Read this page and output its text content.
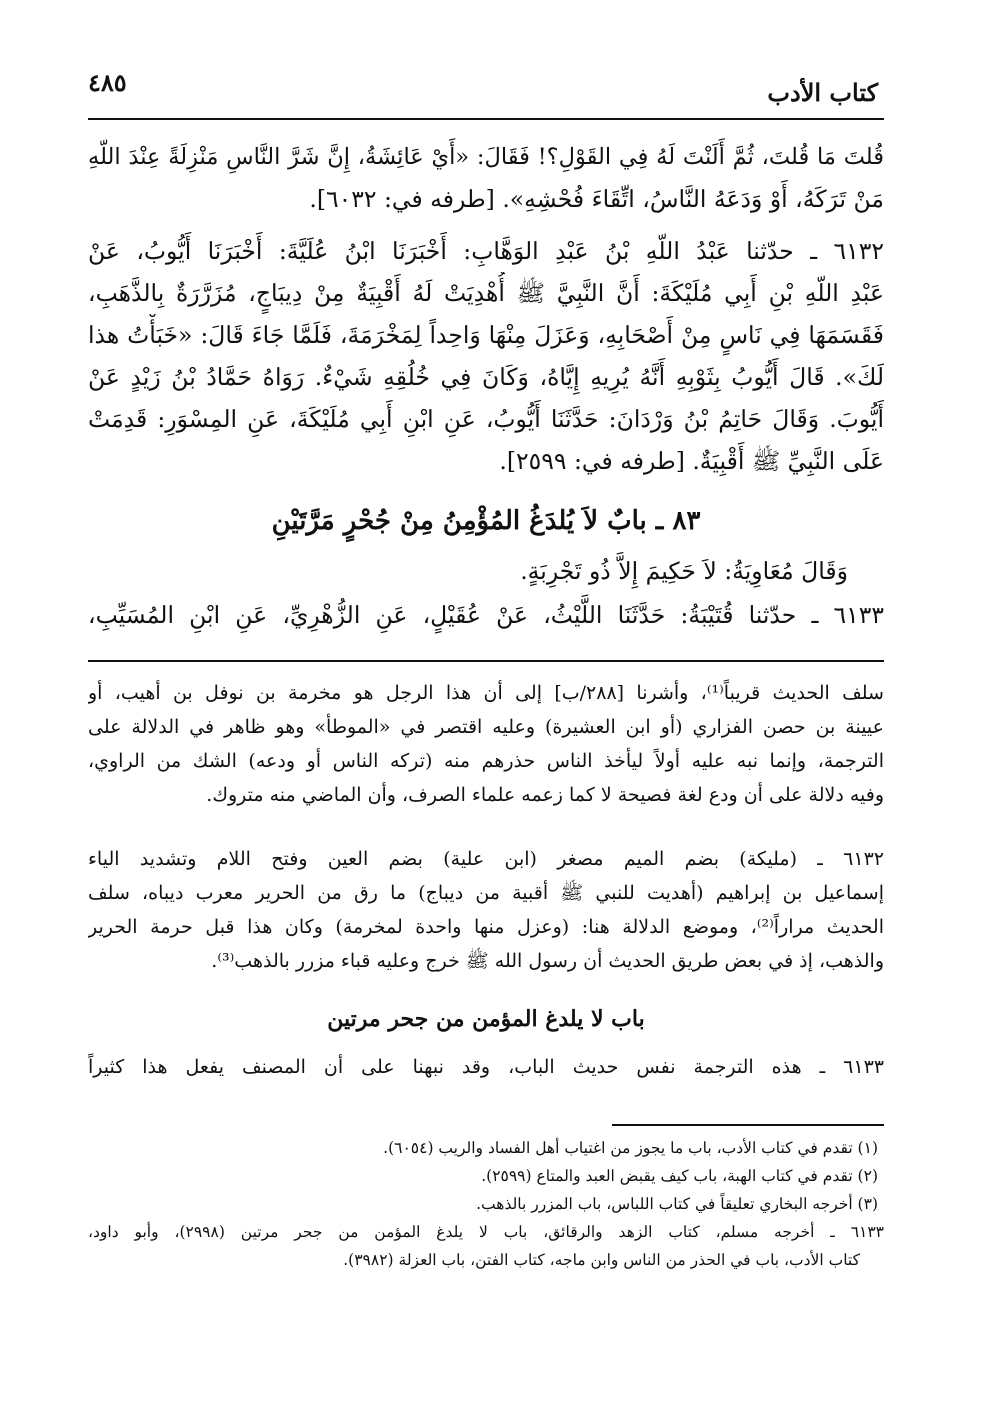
٤٨٥	كتاب الأدب
قُلتَ مَا قُلتَ، ثُمَّ أَلَنْتَ لَهُ فِي القَوْلِ؟! فَقَالَ: «أَيْ عَائِشَةُ، إِنَّ شَرَّ النَّاسِ مَنْزِلَةً عِنْدَ اللّهِ
مَنْ تَرَكَهُ، أَوْ وَدَعَهُ النَّاسُ، اتِّقَاءَ فُحْشِهِ». [طرفه في: ٦٠٣٢].
٦١٣٢ ـ حدّثنا عَبْدُ اللّهِ بْنُ عَبْدِ الوَهَّابِ: أَخْبَرَنَا ابْنُ عُلَيَّةَ: أَخْبَرَنَا أَيُّوبُ، عَنْ
عَبْدِ اللّهِ بْنِ أَبِي مُلَيْكَةَ: أَنَّ النَّبِيَّ ﷺ أُهْدِيَتْ لَهُ أَقْبِيَةٌ مِنْ دِيبَاجٍ، مُزَرَّرَةٌ بِالذَّهَبِ،
فَقَسَمَهَا فِي نَاسٍ مِنْ أَصْحَابِهِ، وَعَزَلَ مِنْهَا وَاحِداً لِمَخْرَمَةَ، فَلَمَّا جَاءَ قَالَ: «خَبَأْتُ هذا
لَكَ». قَالَ أَيُّوبُ بِثَوْبِهِ أَنَّهُ يُرِيهِ إِيَّاهُ، وَكَانَ فِي خُلُقِهِ شَيْءٌ. رَوَاهُ حَمَّادُ بْنُ زَيْدٍ عَنْ
أَيُّوبَ. وَقَالَ حَاتِمُ بْنُ وَرْدَانَ: حَدَّثَنَا أَيُّوبُ، عَنِ ابْنِ أَبِي مُلَيْكَةَ، عَنِ المِسْوَرِ: قَدِمَتْ
عَلَى النَّبِيِّ ﷺ أَقْبِيَةٌ. [طرفه في: ٢٥٩٩].
٨٣ ـ بابٌ لاَ يُلدَغُ المُؤْمِنُ مِنْ جُحْرٍ مَرَّتَيْنِ
وَقَالَ مُعَاوِيَةُ: لاَ حَكِيمَ إِلاَّ ذُو تَجْرِبَةٍ.
٦١٣٣ ـ حدّثنا قُتَيْبَةُ: حَدَّثَنَا اللَّيْثُ، عَنْ عُقَيْلٍ، عَنِ الزُّهْرِيِّ، عَنِ ابْنِ المُسَيِّبِ،
سلف الحديث قريباً⁽¹⁾، وأشرنا [٢٨٨/ب] إلى أن هذا الرجل هو مخرمة بن نوفل بن أهيب، أو
عيينة بن حصن الفزاري (أو ابن العشيرة) وعليه اقتصر في «الموطأ» وهو ظاهر في الدلالة على
الترجمة، وإنما نبه عليه أولاً ليأخذ الناس حذرهم منه (تركه الناس أو ودعه) الشك من الراوي،
وفيه دلالة على أن ودع لغة فصيحة لا كما زعمه علماء الصرف، وأن الماضي منه متروك.
٦١٣٢ ـ (مليكة) بضم الميم مصغر (ابن علية) بضم العين وفتح اللام وتشديد الياء
إسماعيل بن إبراهيم (أهديت للنبي ﷺ أقبية من ديباج) ما رق من الحرير معرب ديباه، سلف
الحديث مراراً⁽²⁾، وموضع الدلالة هنا: (وعزل منها واحدة لمخرمة) وكان هذا قبل حرمة الحرير
والذهب، إذ في بعض طريق الحديث أن رسول الله ﷺ خرج وعليه قباء مزرر بالذهب⁽³⁾.
باب لا يلدغ المؤمن من جحر مرتين
٦١٣٣ ـ هذه الترجمة نفس حديث الباب، وقد نبهنا على أن المصنف يفعل هذا كثيراً
(١) تقدم في كتاب الأدب، باب ما يجوز من اغتياب أهل الفساد والريب (٦٠٥٤).
(٢) تقدم في كتاب الهبة، باب كيف يقبض العبد والمتاع (٢٥٩٩).
(٣) أخرجه البخاري تعليقاً في كتاب اللباس، باب المزرر بالذهب.
٦١٣٣ ـ أخرجه مسلم، كتاب الزهد والرقائق، باب لا يلدغ المؤمن من جحر مرتين (٢٩٩٨)، وأبو داود،
كتاب الأدب، باب في الحذر من الناس وابن ماجه، كتاب الفتن، باب العزلة (٣٩٨٢).
